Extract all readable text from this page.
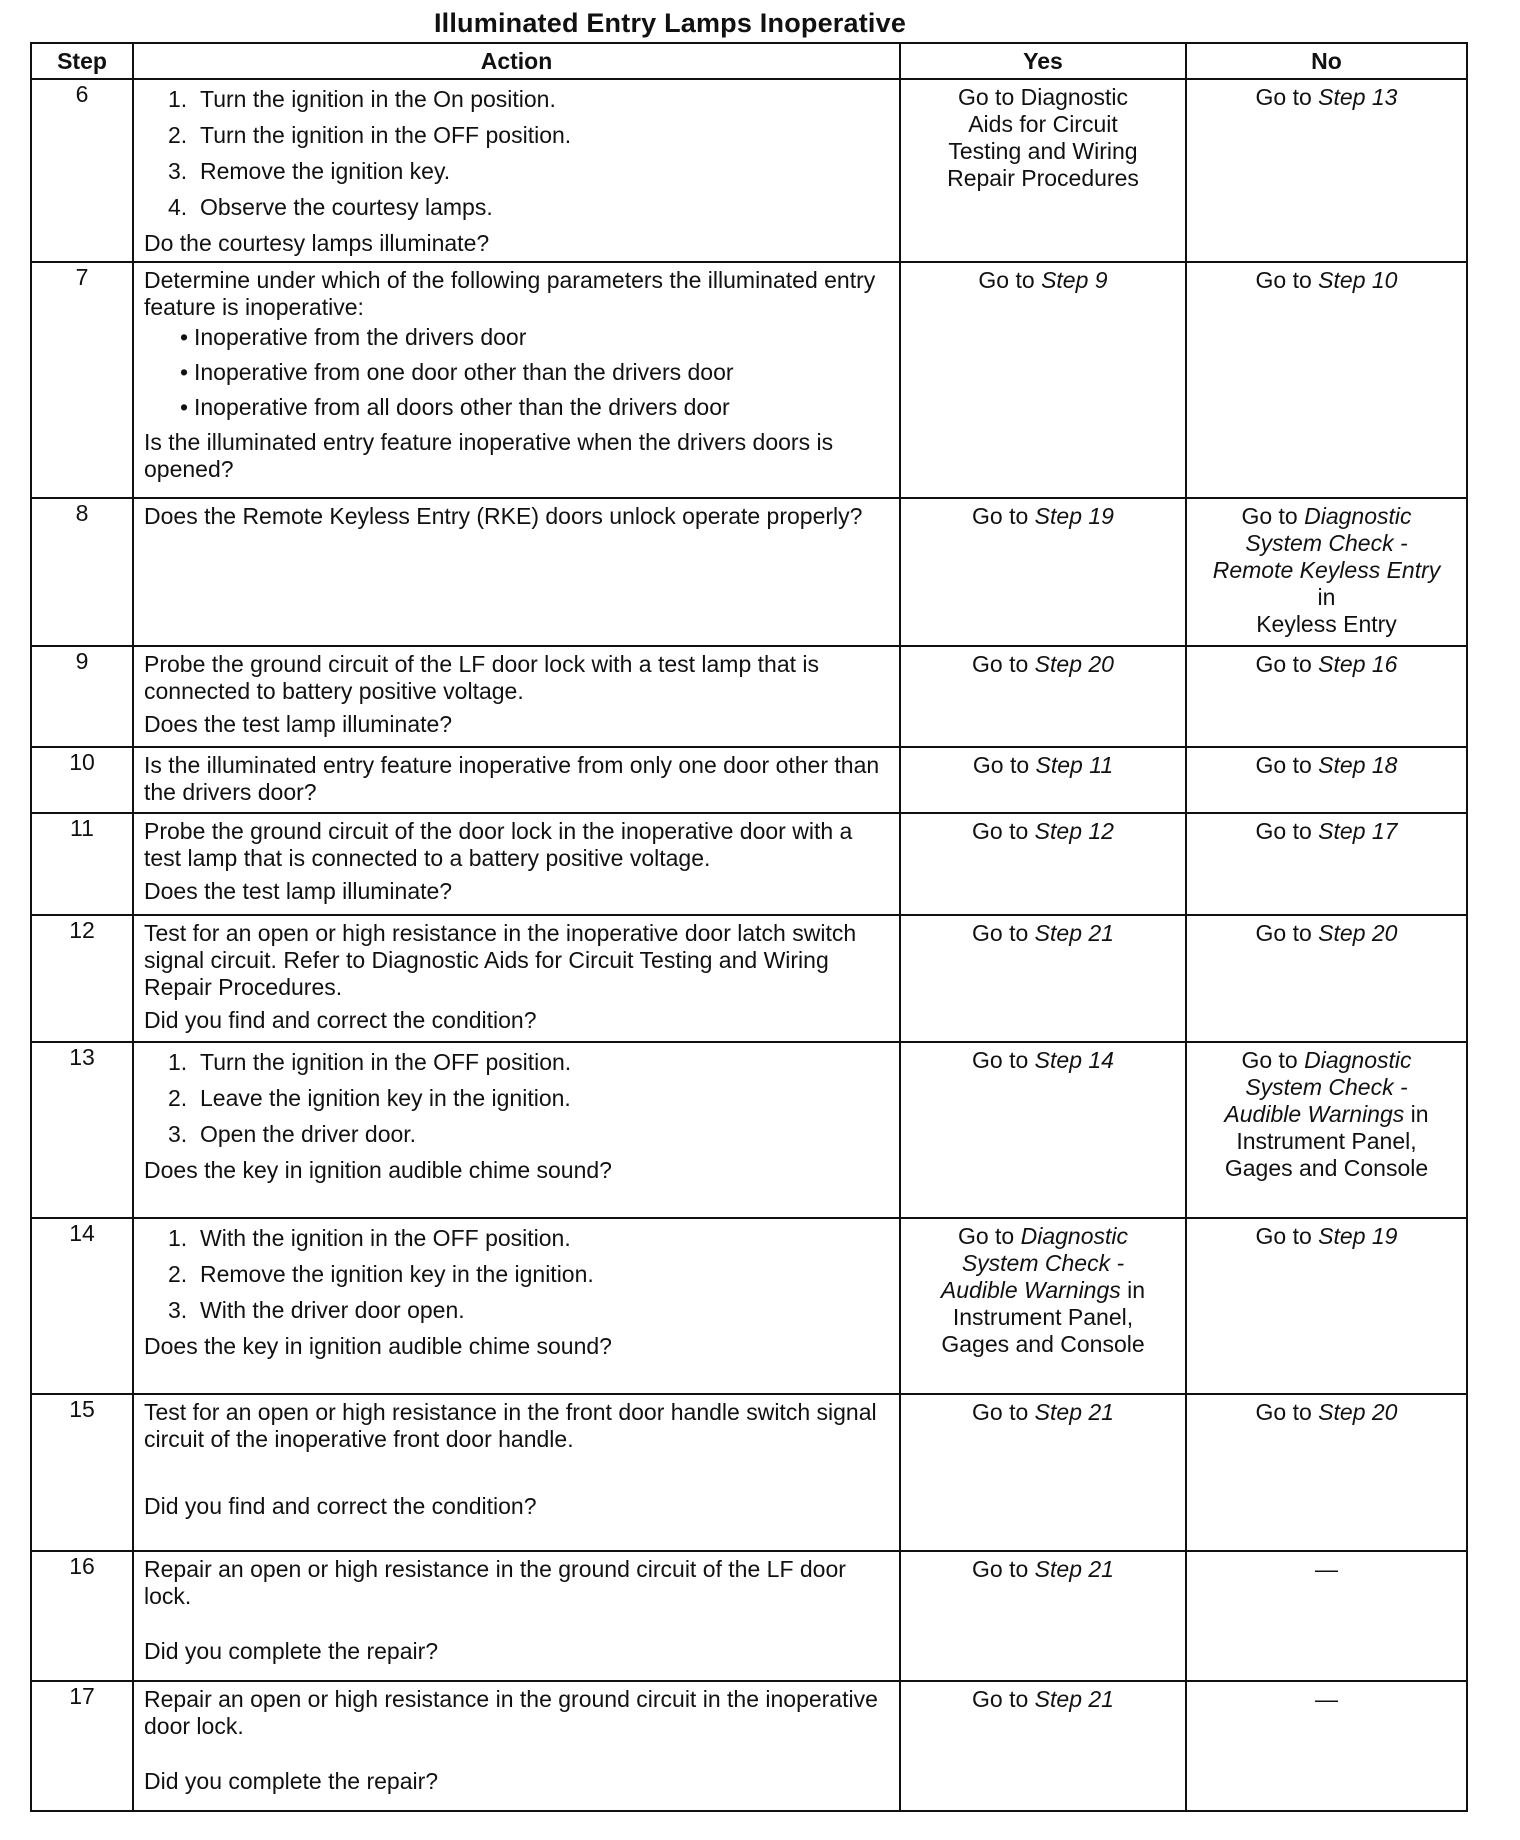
Illuminated Entry Lamps Inoperative
Step	Action	Yes	No
6	1. Turn the ignition in the On position.
2. Turn the ignition in the OFF position.
3. Remove the ignition key.
4. Observe the courtesy lamps.
Do the courtesy lamps illuminate?	Go to Diagnostic
Aids for Circuit
Testing and Wiring
Repair Procedures	Go to Step 13
7	Determine under which of the following parameters the illuminated entry feature is inoperative:
• Inoperative from the drivers door
• Inoperative from one door other than the drivers door
• Inoperative from all doors other than the drivers door
Is the illuminated entry feature inoperative when the drivers doors is opened?	Go to Step 9	Go to Step 10
8	Does the Remote Keyless Entry (RKE) doors unlock operate properly?	Go to Step 19	Go to Diagnostic
System Check -
Remote Keyless Entry
in
Keyless Entry

9	Probe the ground circuit of the LF door lock with a test lamp that is connected to battery positive voltage.
Does the test lamp illuminate?	Go to Step 20	Go to Step 16
10	Is the illuminated entry feature inoperative from only one door other than the drivers door?	Go to Step 11	Go to Step 18
11	Probe the ground circuit of the door lock in the inoperative door with a test lamp that is connected to a battery positive voltage.
Does the test lamp illuminate?	Go to Step 12	Go to Step 17
12	Test for an open or high resistance in the inoperative door latch switch signal circuit. Refer to Diagnostic Aids for Circuit Testing and Wiring Repair Procedures.
Did you find and correct the condition?	Go to Step 21	Go to Step 20
13	1. Turn the ignition in the OFF position.
2. Leave the ignition key in the ignition.
3. Open the driver door.
Does the key in ignition audible chime sound?	Go to Step 14	Go to Diagnostic
System Check -
Audible Warnings in
Instrument Panel,
Gages and Console

14	1. With the ignition in the OFF position.
2. Remove the ignition key in the ignition.
3. With the driver door open.
Does the key in ignition audible chime sound?	Go to Diagnostic
System Check -
Audible Warnings in
Instrument Panel,
Gages and Console	Go to Step 19
15	Test for an open or high resistance in the front door handle switch signal circuit of the inoperative front door handle.
Did you find and correct the condition?	Go to Step 21	Go to Step 20
16	Repair an open or high resistance in the ground circuit of the LF door lock.
Did you complete the repair?	Go to Step 21	—
17	Repair an open or high resistance in the ground circuit in the inoperative door lock.
Did you complete the repair?	Go to Step 21	—
